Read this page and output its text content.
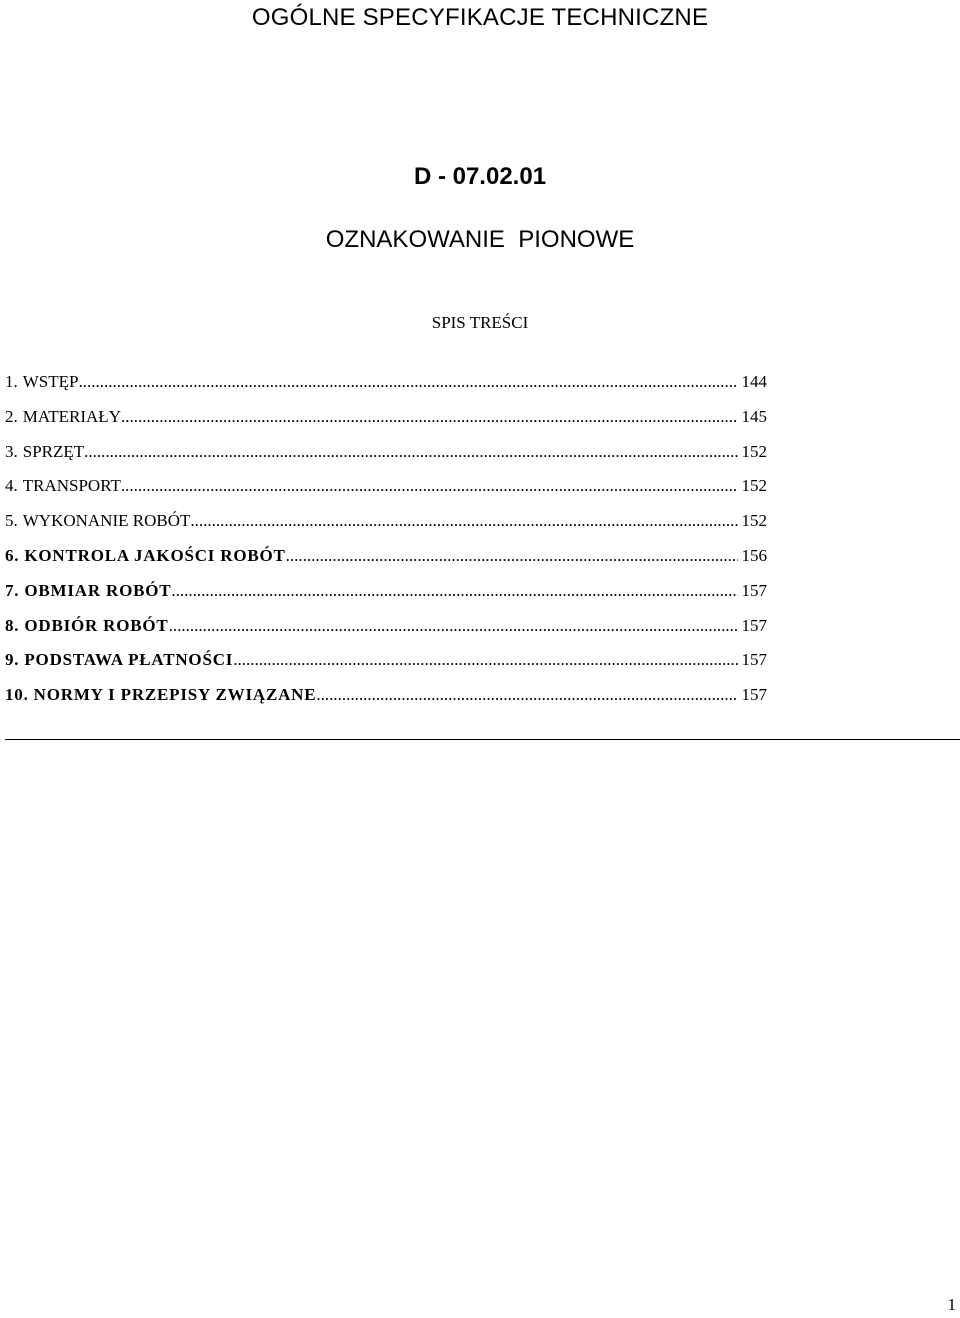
OGÓLNE SPECYFIKACJE TECHNICZNE
D - 07.02.01
OZNAKOWANIE  PIONOWE
SPIS TREŚCI
1. WSTĘP .....	144
2. MATERIAŁY .....	145
3. SPRZĘT .....	152
4. TRANSPORT .....	152
5. WYKONANIE ROBÓT .....	152
6. KONTROLA JAKOŚCI ROBÓT .....	156
7. OBMIAR ROBÓT .....	157
8. ODBIÓR ROBÓT .....	157
9. PODSTAWA PŁATNOŚCI .....	157
10. NORMY I PRZEPISY ZWIĄZANE .....	157
1
